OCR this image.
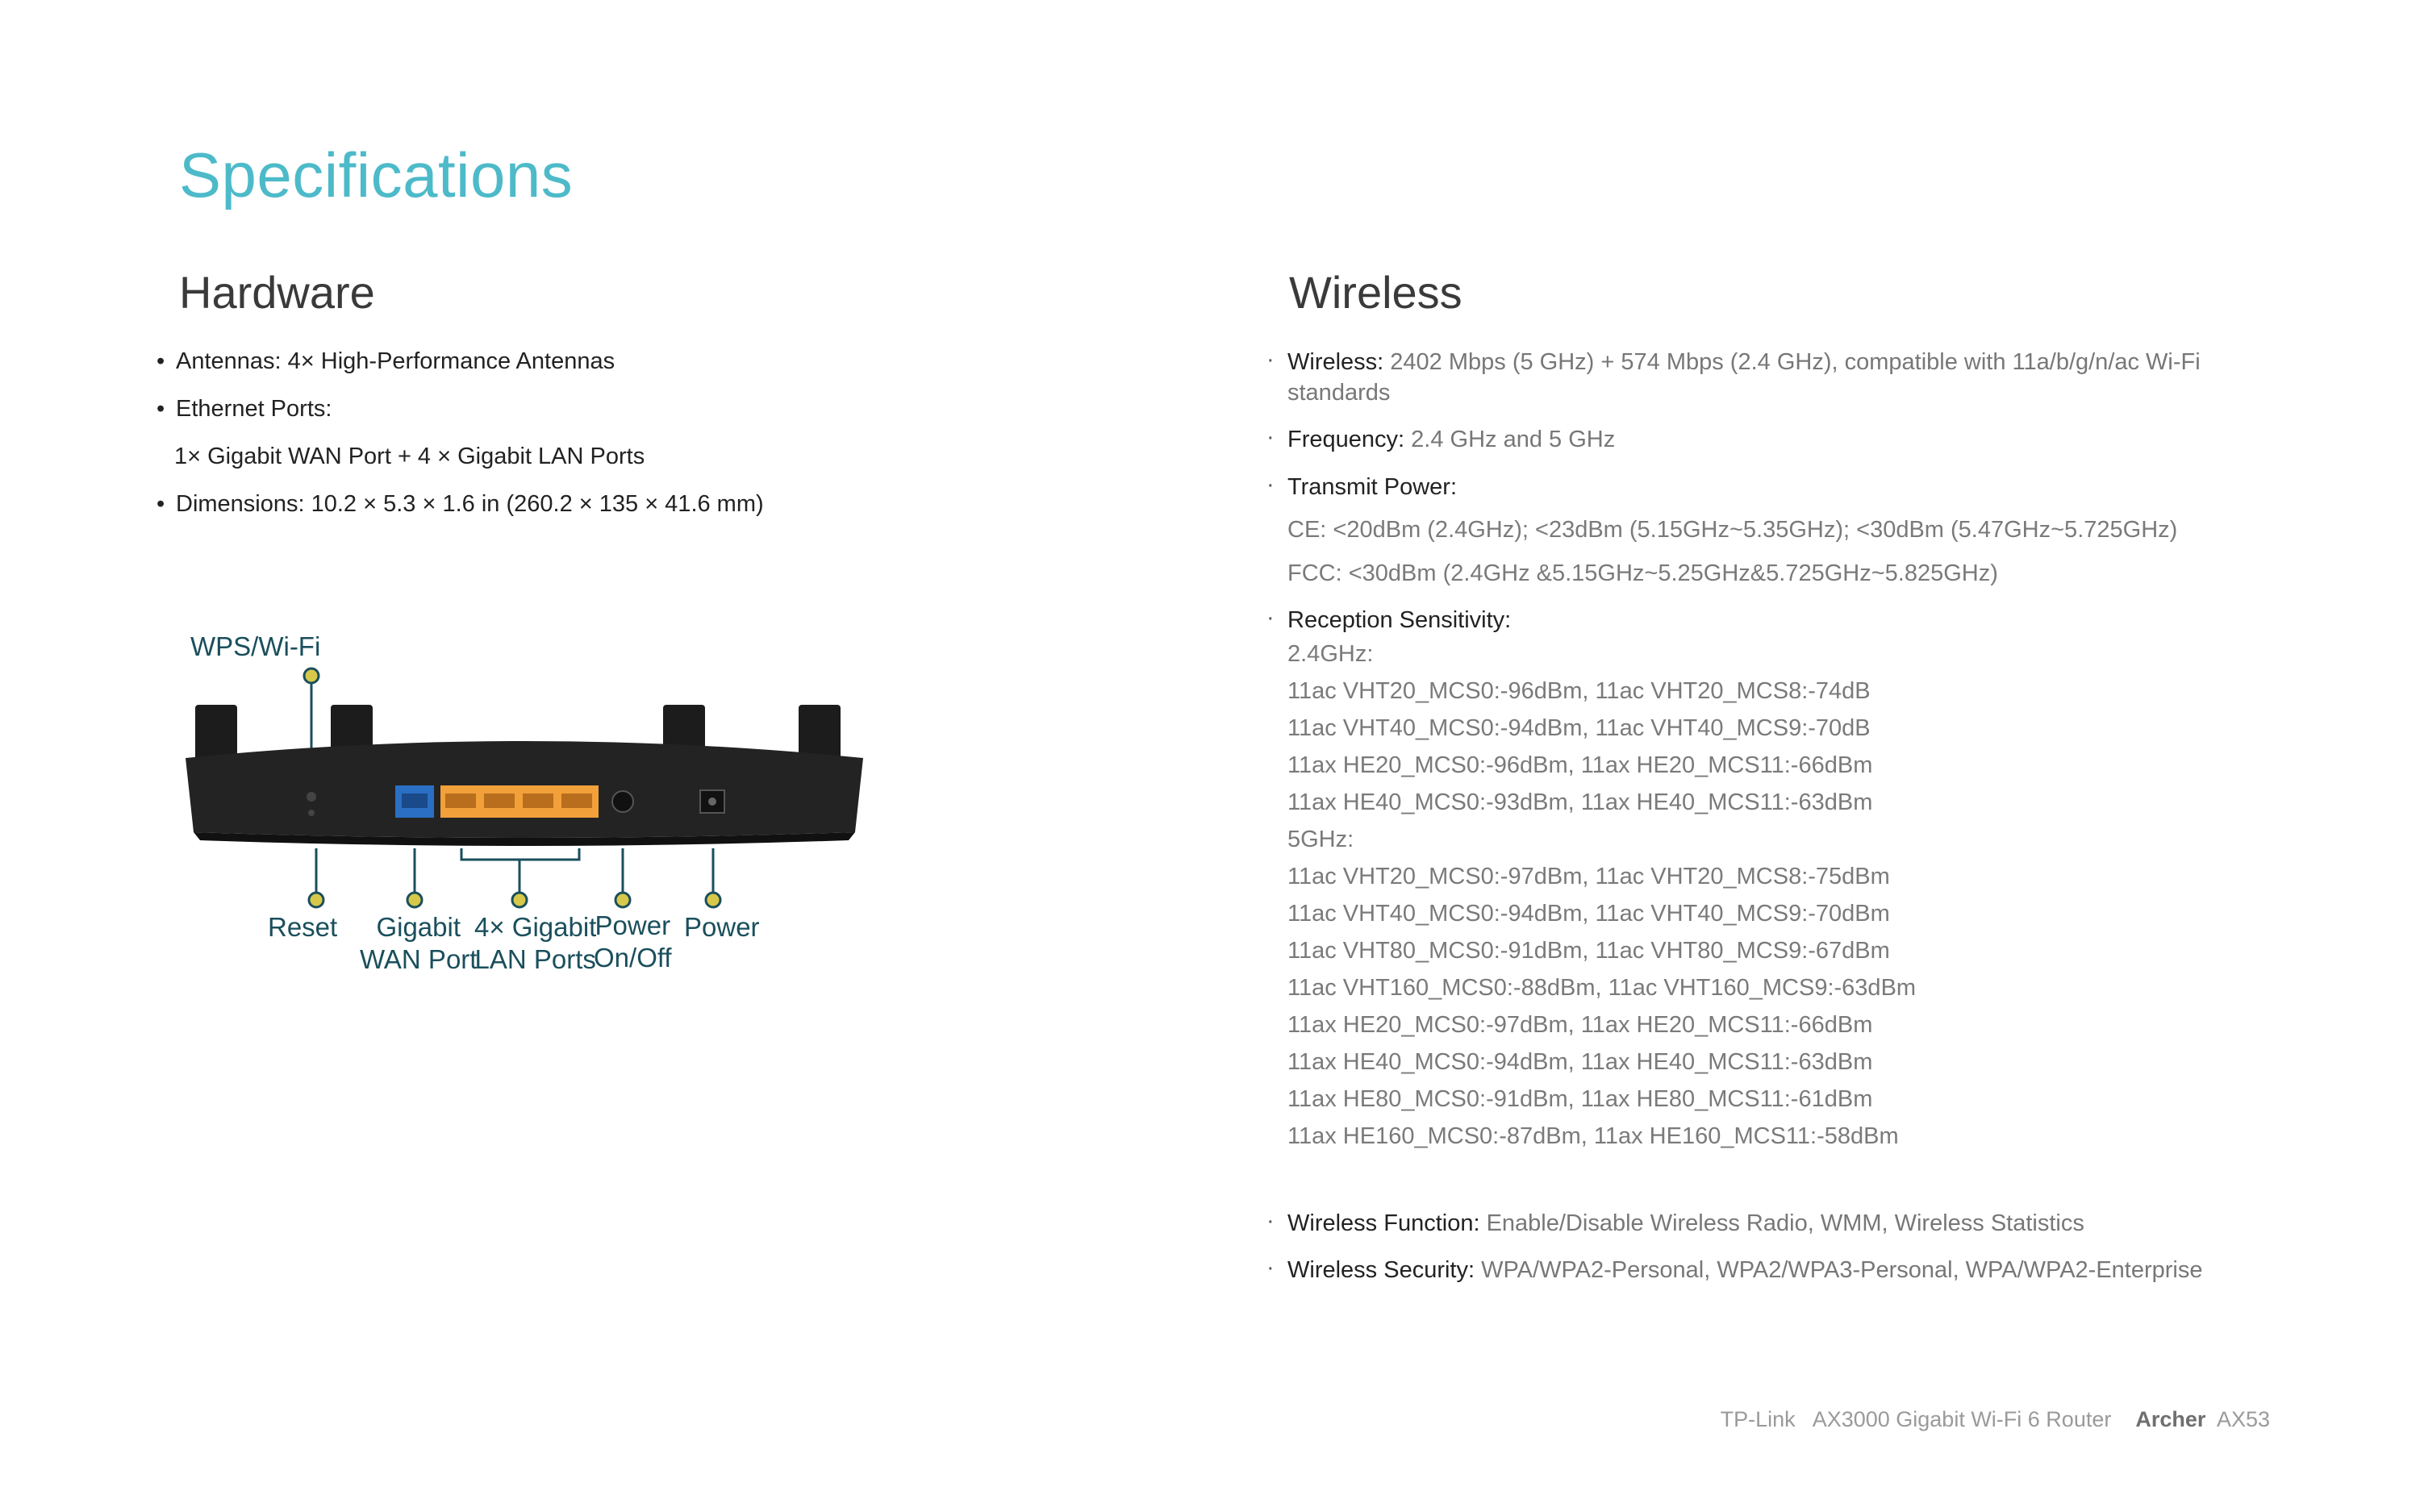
Specifications
Hardware
• Antennas: 4× High-Performance Antennas
• Ethernet Ports:
1× Gigabit WAN Port + 4 × Gigabit LAN Ports
• Dimensions: 10.2 × 5.3 × 1.6 in (260.2 × 135 × 41.6 mm)
WPS/Wi-Fi
Reset	Gigabit
WAN Port
4× Gigabit
LAN Ports
Power
On/Off
Power
Wireless
· Wireless: 2402 Mbps (5 GHz) + 574 Mbps (2.4 GHz), compatible with 11a/b/g/n/ac Wi-Fi
standards
· Frequency: 2.4 GHz and 5 GHz
· Transmit Power:
CE: <20dBm (2.4GHz); <23dBm (5.15GHz~5.35GHz); <30dBm (5.47GHz~5.725GHz)
FCC: <30dBm (2.4GHz &5.15GHz~5.25GHz&5.725GHz~5.825GHz)
· Reception Sensitivity:
2.4GHz:
11ac VHT20_MCS0:-96dBm, 11ac VHT20_MCS8:-74dB
11ac VHT40_MCS0:-94dBm, 11ac VHT40_MCS9:-70dB
11ax HE20_MCS0:-96dBm, 11ax HE20_MCS11:-66dBm
11ax HE40_MCS0:-93dBm, 11ax HE40_MCS11:-63dBm
5GHz:
11ac VHT20_MCS0:-97dBm, 11ac VHT20_MCS8:-75dBm
11ac VHT40_MCS0:-94dBm, 11ac VHT40_MCS9:-70dBm
11ac VHT80_MCS0:-91dBm, 11ac VHT80_MCS9:-67dBm
11ac VHT160_MCS0:-88dBm, 11ac VHT160_MCS9:-63dBm
11ax HE20_MCS0:-97dBm, 11ax HE20_MCS11:-66dBm
11ax HE40_MCS0:-94dBm, 11ax HE40_MCS11:-63dBm
11ax HE80_MCS0:-91dBm, 11ax HE80_MCS11:-61dBm
11ax HE160_MCS0:-87dBm, 11ax HE160_MCS11:-58dBm
· Wireless Function: Enable/Disable Wireless Radio, WMM, Wireless Statistics
· Wireless Security: WPA/WPA2-Personal, WPA2/WPA3-Personal, WPA/WPA2-Enterprise
TP-Link AX3000 Gigabit Wi-Fi 6 Router Archer AX53
